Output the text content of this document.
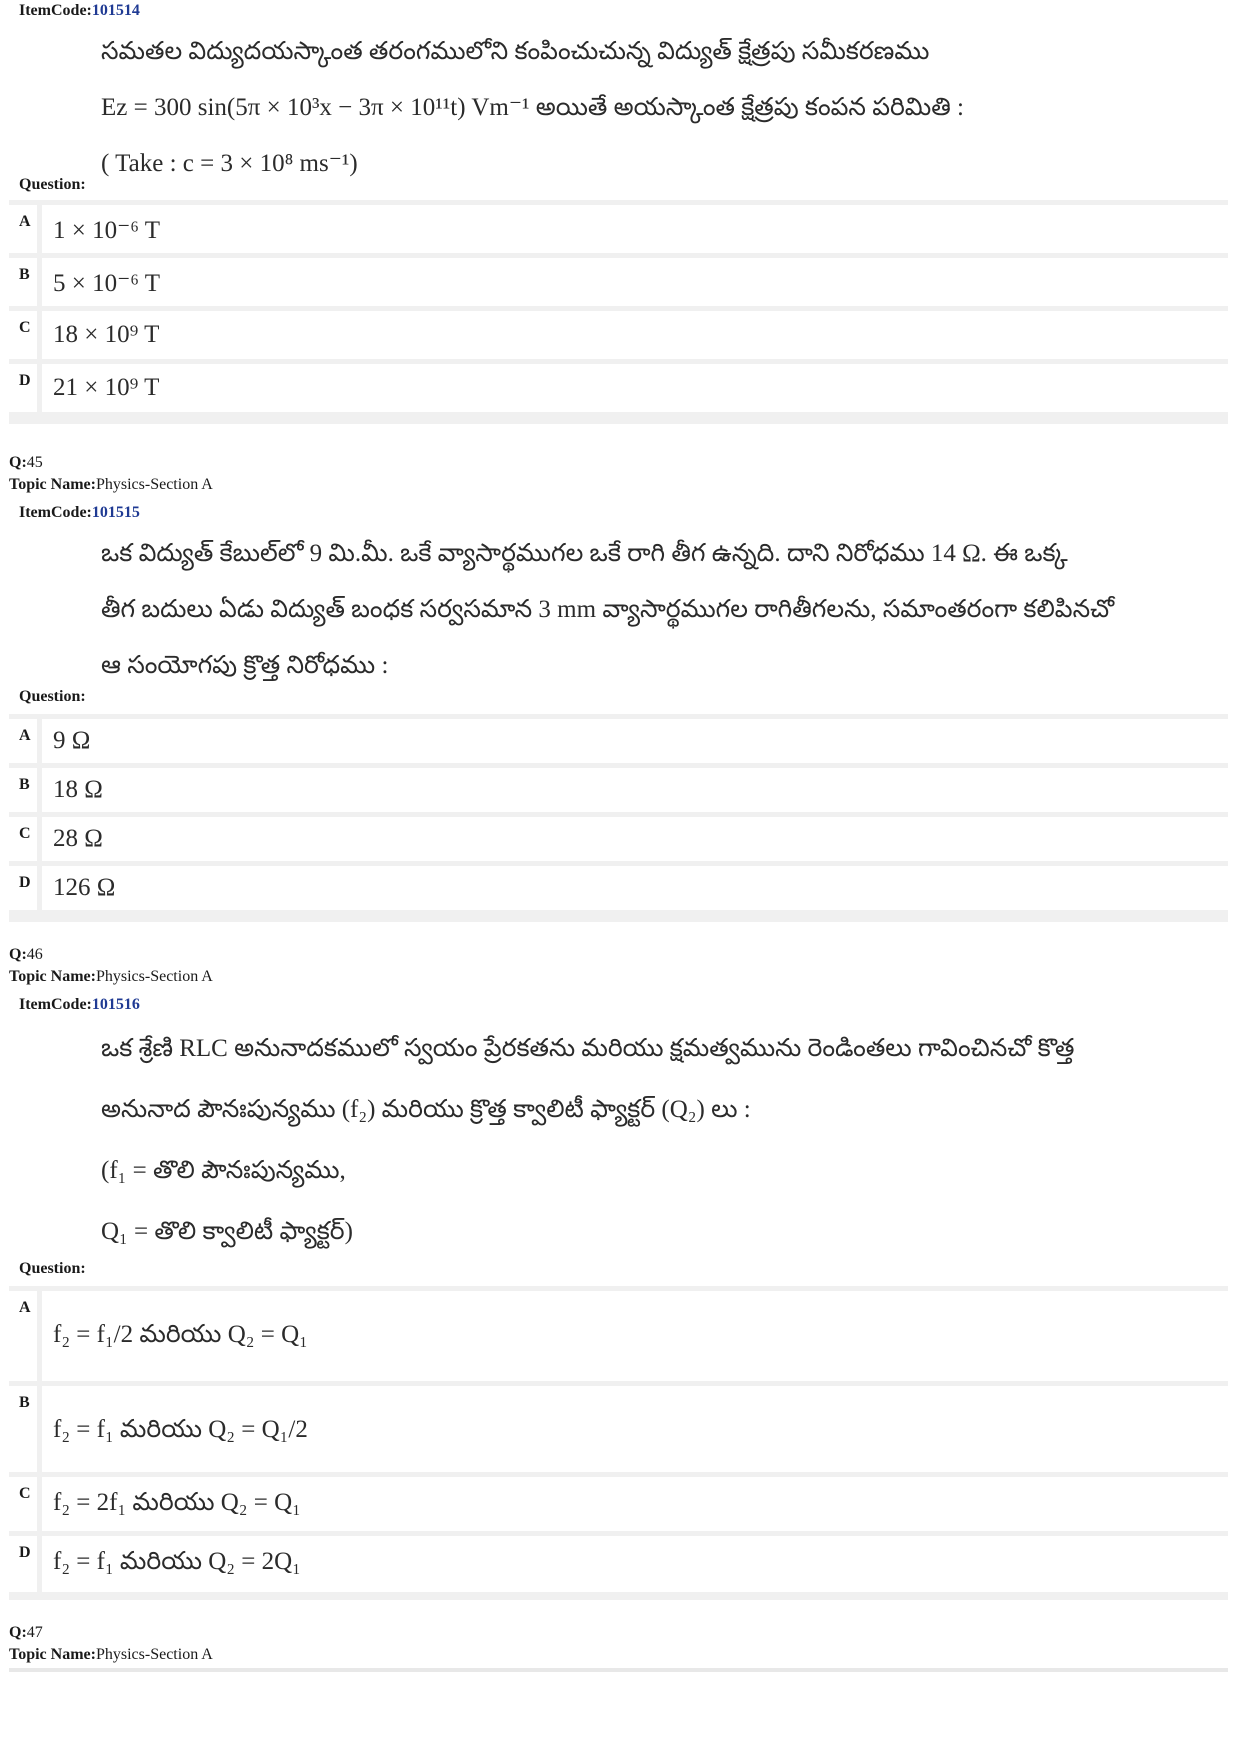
ItemCode:101514
సమతల విద్యుదయస్కాంత తరంగములోని కంపించుచున్న విద్యుత్ క్షేత్రపు సమీకరణము
Ez = 300 sin(5π × 10³x − 3π × 10¹¹t) Vm⁻¹ అయితే అయస్కాంత క్షేత్రపు కంపన పరిమితి :
( Take : c = 3 × 10⁸ ms⁻¹)
Question:
A 1 × 10⁻⁶ T
B 5 × 10⁻⁶ T
C 18 × 10⁹ T
D 21 × 10⁹ T
Q:45
Topic Name:Physics-Section A
ItemCode:101515
ఒక విద్యుత్ కేబుల్‌లో 9 మి.మీ. ఒకే వ్యాసార్థముగల ఒకే రాగి తీగ ఉన్నది. దాని నిరోధము 14 Ω. ఈ ఒక్క
తీగ బదులు ఏడు విద్యుత్ బంధక సర్వసమాన 3 mm వ్యాసార్థముగల రాగితీగలను, సమాంతరంగా కలిపినచో
ఆ సంయోగపు క్రొత్త నిరోధము :
Question:
A 9 Ω
B 18 Ω
C 28 Ω
D 126 Ω
Q:46
Topic Name:Physics-Section A
ItemCode:101516
ఒక శ్రేణి RLC అనునాదకములో స్వయం ప్రేరకతను మరియు క్షమత్వమును రెండింతలు గావించినచో కొత్త
అనునాద పౌనఃపున్యము (f₂) మరియు క్రొత్త క్వాలిటీ ఫ్యాక్టర్ (Q₂) లు :
(f₁ = తొలి పౌనఃపున్యము,
Q₁ = తొలి క్వాలిటీ ఫ్యాక్టర్)
Question:
A
f₂ = f₁/2 మరియు Q₂ = Q₁
B
f₂ = f₁ మరియు Q₂ = Q₁/2
C f₂ = 2f₁ మరియు Q₂ = Q₁
D f₂ = f₁ మరియు Q₂ = 2Q₁
Q:47
Topic Name:Physics-Section A
